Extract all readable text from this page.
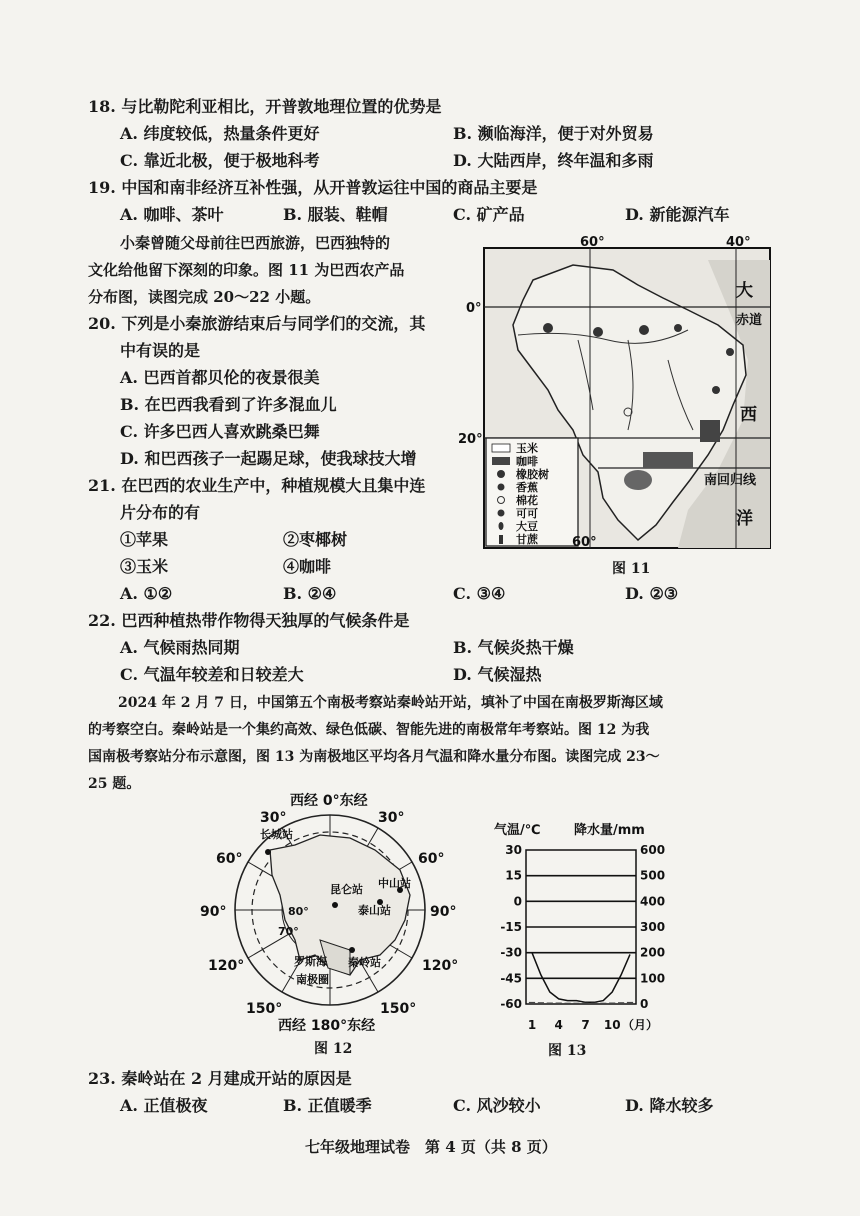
18. 与比勒陀利亚相比，开普敦地理位置的优势是
A. 纬度较低，热量条件更好	B. 濒临海洋，便于对外贸易
C. 靠近北极，便于极地科考	D. 大陆西岸，终年温和多雨
19. 中国和南非经济互补性强，从开普敦运往中国的商品主要是
A. 咖啡、茶叶	B. 服装、鞋帽	C. 矿产品	D. 新能源汽车
小秦曾随父母前往巴西旅游，巴西独特的
文化给他留下深刻的印象。图 11 为巴西农产品
分布图，读图完成 20～22 小题。
20. 下列是小秦旅游结束后与同学们的交流，其
中有误的是
A. 巴西首都贝伦的夜景很美
B. 在巴西我看到了许多混血儿
C. 许多巴西人喜欢跳桑巴舞
D. 和巴西孩子一起踢足球，使我球技大增
21. 在巴西的农业生产中，种植规模大且集中连
片分布的有
①苹果	②枣椰树
③玉米	④咖啡
A. ①②	B. ②④	C. ③④	D. ②③
玉米
咖啡
橡胶树
香蕉
棉花
可可
大豆
甘蔗
60°	40°
0°
20°
60°
赤道
南回归线
大
西
洋
图 11
22. 巴西种植热带作物得天独厚的气候条件是
A. 气候雨热同期	B. 气候炎热干燥
C. 气温年较差和日较差大	D. 气候湿热
2024 年 2 月 7 日，中国第五个南极考察站秦岭站开站，填补了中国在南极罗斯海区域
的考察空白。秦岭站是一个集约高效、绿色低碳、智能先进的南极常年考察站。图 12 为我
国南极考察站分布示意图，图 13 为南极地区平均各月气温和降水量分布图。读图完成 23～
25 题。
长城站
昆仑站 中山站
泰山站
秦岭站
罗斯海
南极圈
80°
70°
西经 0°东经
30°	30°
60°	60°
90°	90°
120°	120°
150°	150°
西经 180°东经
图 12
气温/℃	降水量/mm
30	600
15	500
0	400
-15	300
-30	200
-45	100
-60	0
1 4 7 10 （月）
图 13
23. 秦岭站在 2 月建成开站的原因是
A. 正值极夜	B. 正值暖季	C. 风沙较小	D. 降水较多
七年级地理试卷　第 4 页（共 8 页）
